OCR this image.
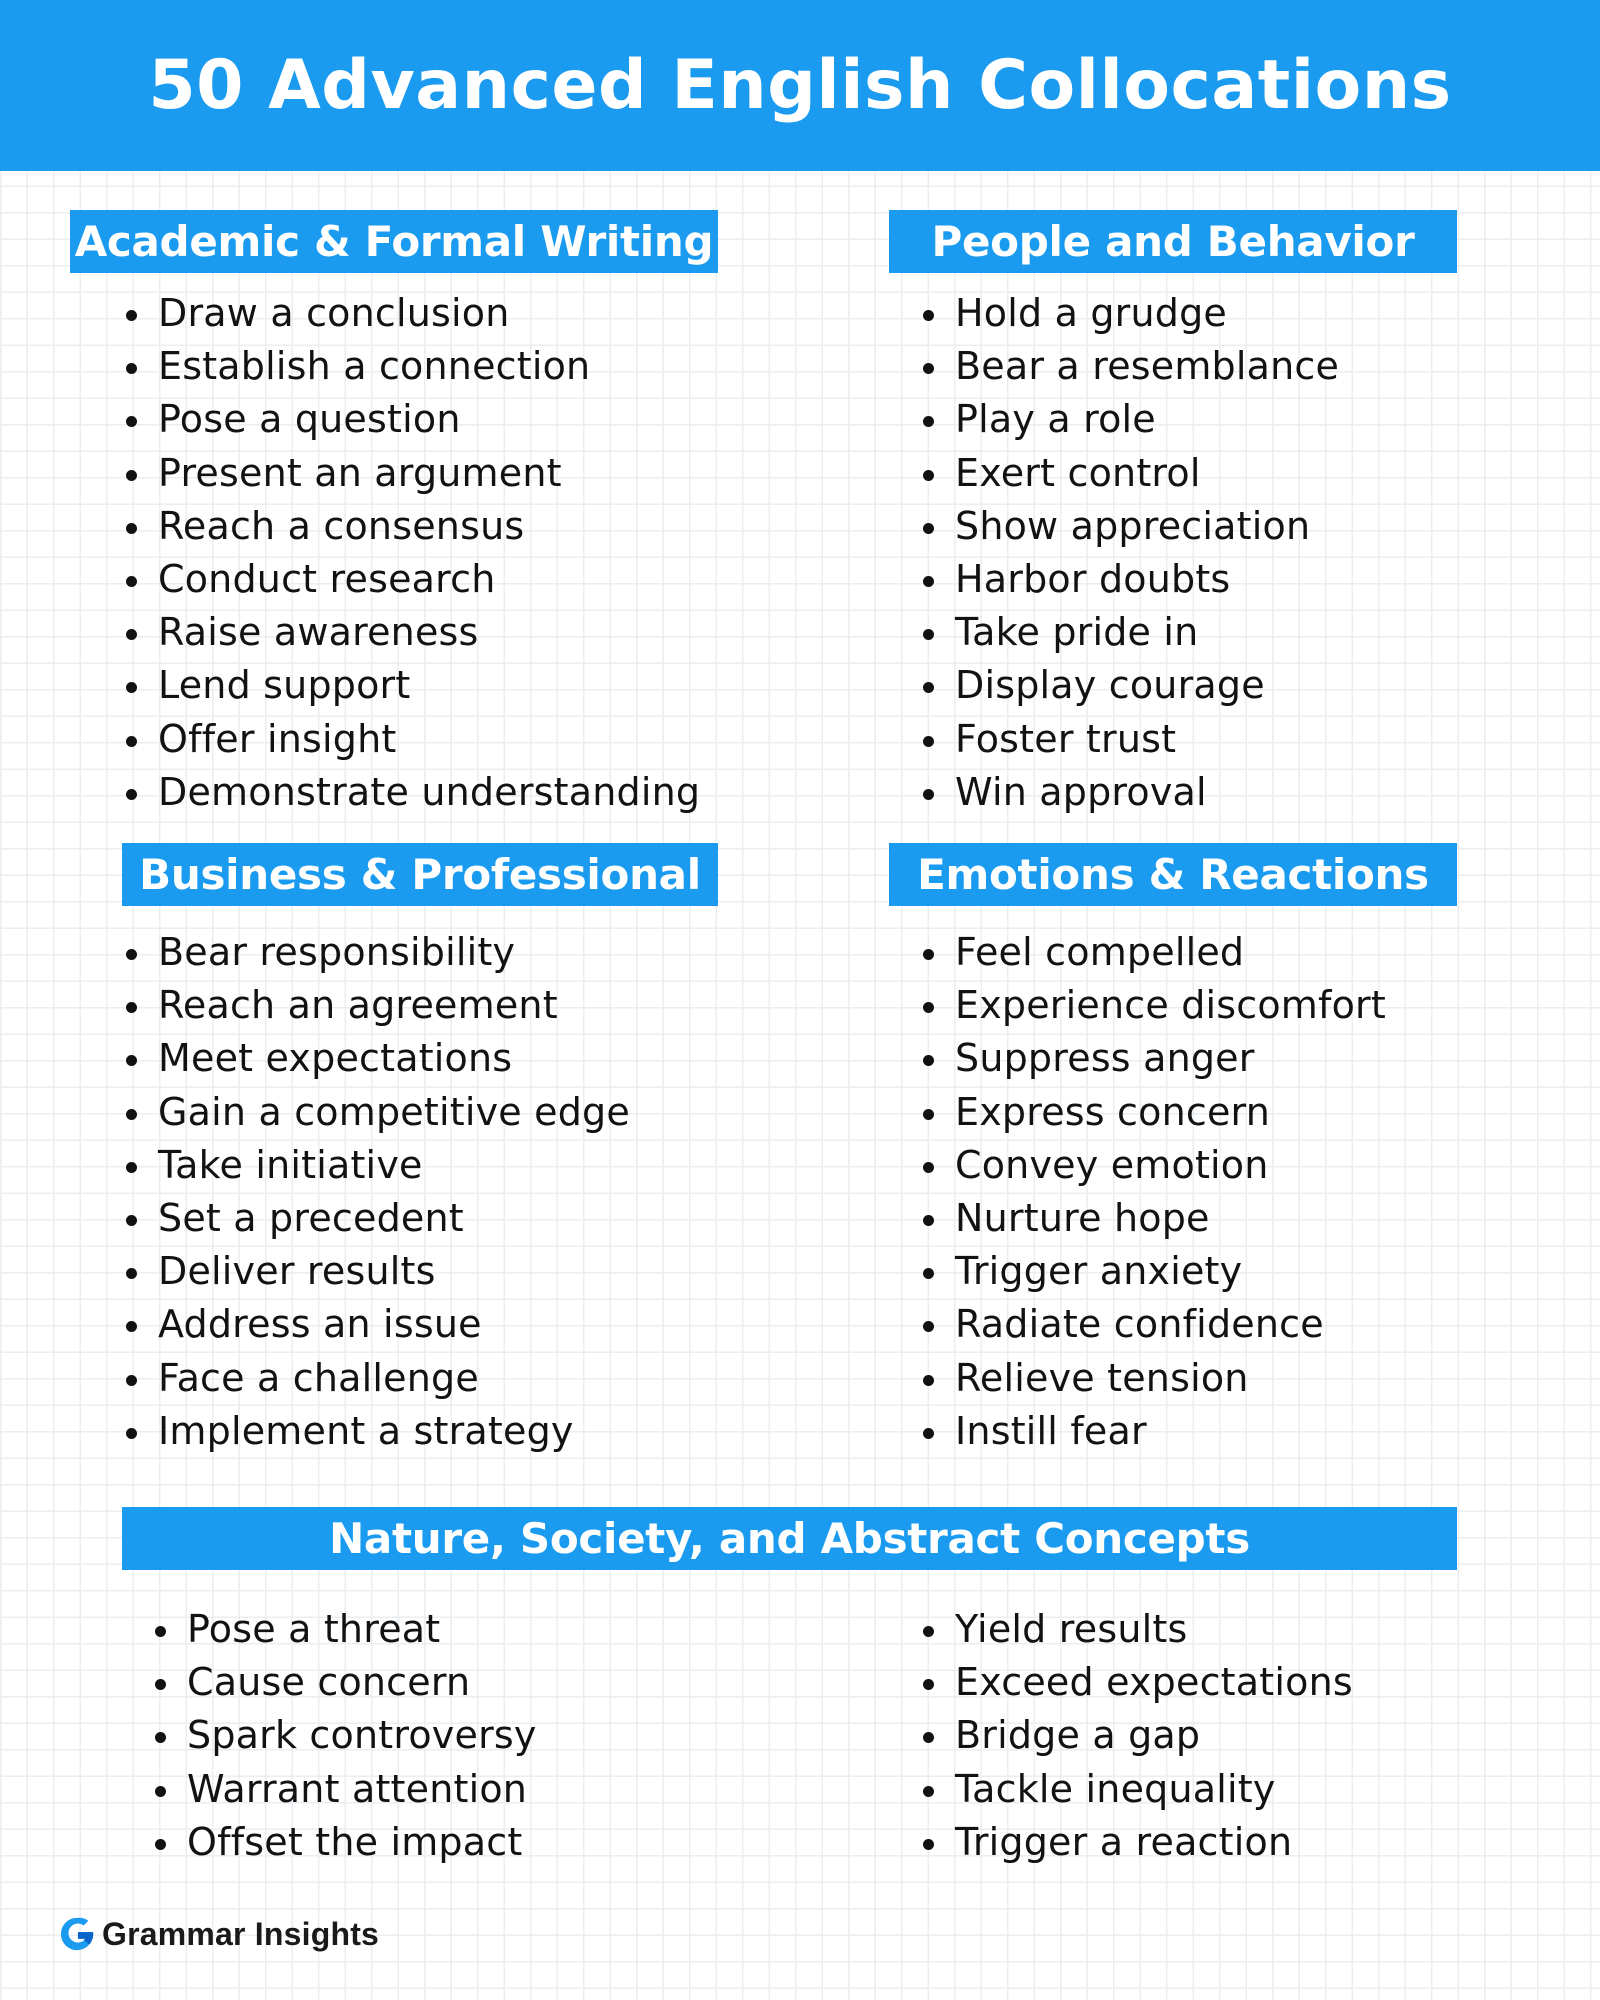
50 Advanced English Collocations
Academic & Formal Writing
Draw a conclusion
Establish a connection
Pose a question
Present an argument
Reach a consensus
Conduct research
Raise awareness
Lend support
Offer insight
Demonstrate understanding
People and Behavior
Hold a grudge
Bear a resemblance
Play a role
Exert control
Show appreciation
Harbor doubts
Take pride in
Display courage
Foster trust
Win approval
Business & Professional
Bear responsibility
Reach an agreement
Meet expectations
Gain a competitive edge
Take initiative
Set a precedent
Deliver results
Address an issue
Face a challenge
Implement a strategy
Emotions & Reactions
Feel compelled
Experience discomfort
Suppress anger
Express concern
Convey emotion
Nurture hope
Trigger anxiety
Radiate confidence
Relieve tension
Instill fear
Nature, Society, and Abstract Concepts
Pose a threat
Cause concern
Spark controversy
Warrant attention
Offset the impact
Yield results
Exceed expectations
Bridge a gap
Tackle inequality
Trigger a reaction
Grammar Insights
